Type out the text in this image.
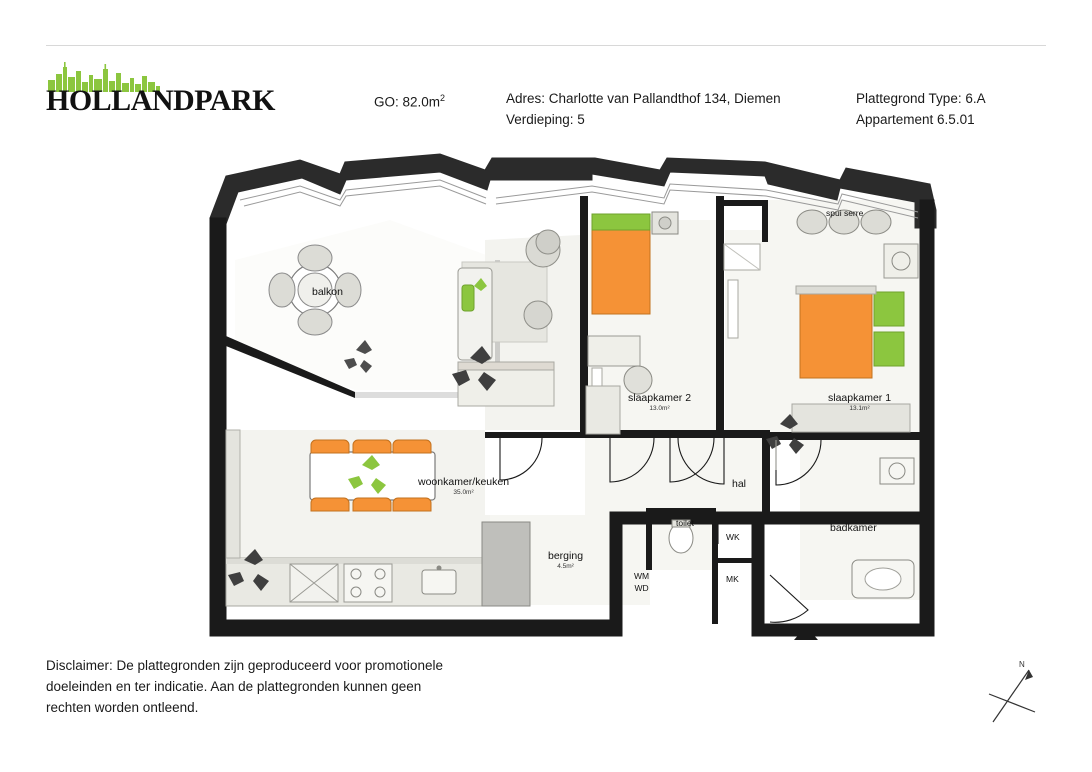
HOLLANDPARK	GO: $82.0m^2$	Adres: Charlotte van Pallandthof 134, Diemen
Verdieping: 5
Plattegrond Type: 6.A
Appartement 6.5.01
balkon
woonkamer/keuken
35.0m²
slaapkamer 2
13.0m²
slaapkamer 1
13.1m²
badkamer
hal
berging
4.5m²
toilet
spui serre
WK
MK
WM
WD
Disclaimer: De plattegronden zijn geproduceerd voor promotionele doeleinden en ter indicatie. Aan de plattegronden kunnen geen rechten worden ontleend.
N
